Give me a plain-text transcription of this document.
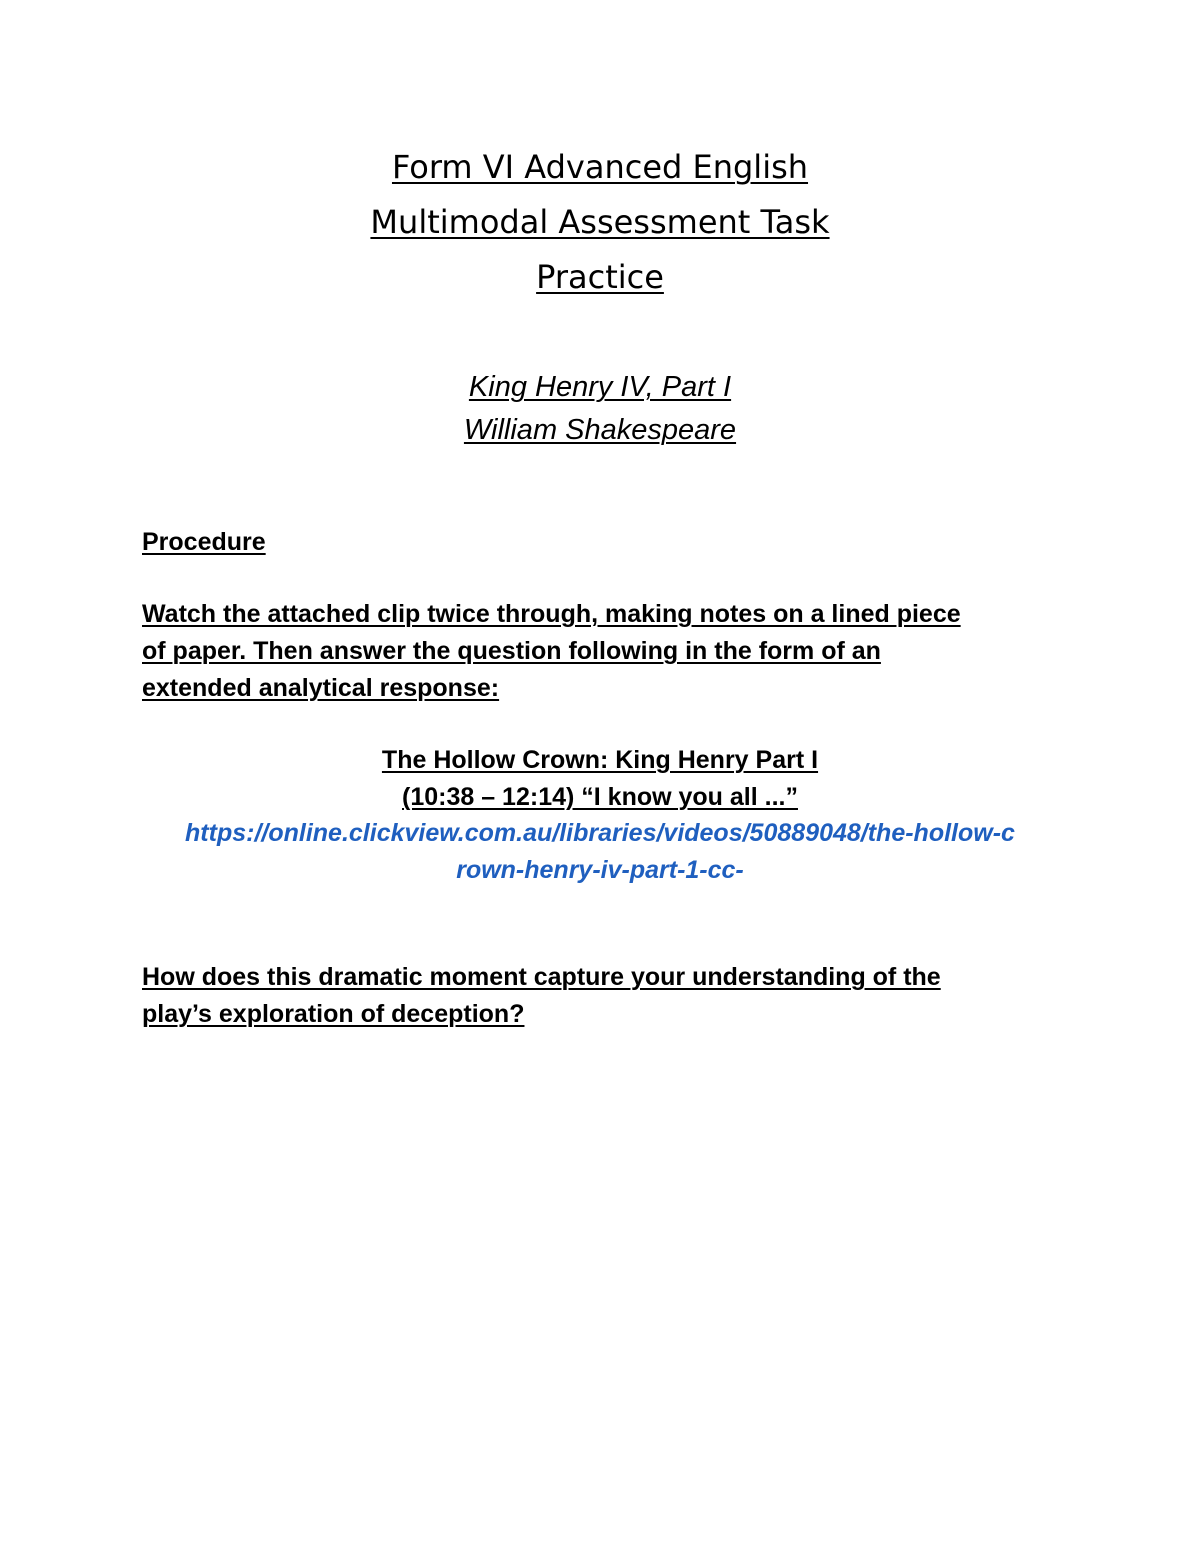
Form VI Advanced English
Multimodal Assessment Task
Practice
King Henry IV, Part I
William Shakespeare
Procedure
Watch the attached clip twice through, making notes on a lined piece
of paper. Then answer the question following in the form of an
extended analytical response:
The Hollow Crown: King Henry Part I
(10:38 – 12:14) “I know you all ...”
https://online.clickview.com.au/libraries/videos/50889048/the-hollow-c
rown-henry-iv-part-1-cc-
How does this dramatic moment capture your understanding of the
play’s exploration of deception?
